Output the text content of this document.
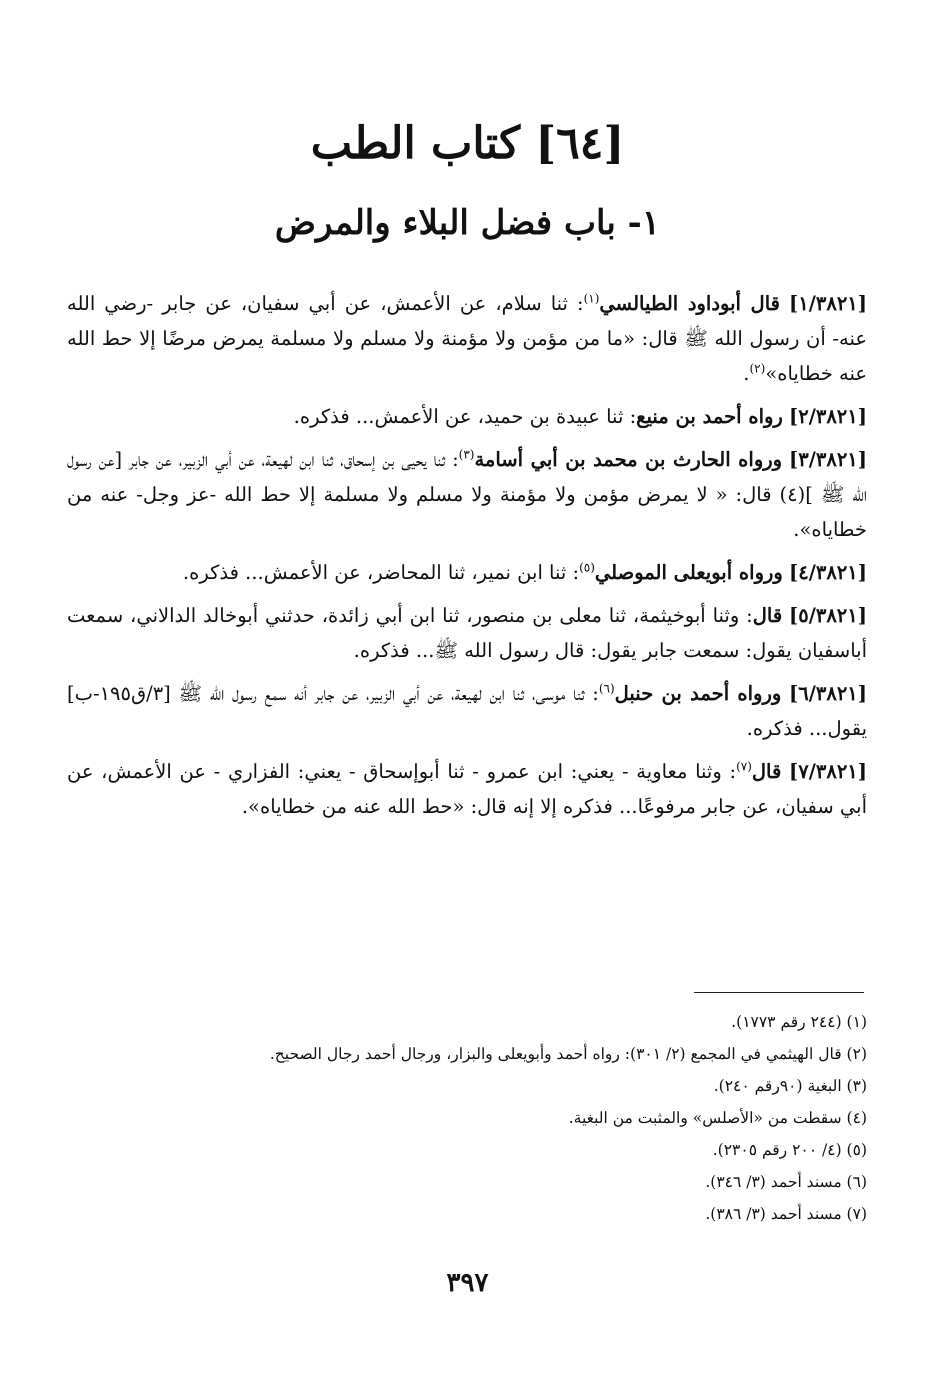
[٦٤] كتاب الطب
١- باب فضل البلاء والمرض

[١/٣٨٢١] قال أبوداود الطيالسي$^{(١)}$: ثنا سلام، عن الأعمش، عن أبي سفيان، عن جابر -رضي الله عنه- أن رسول الله ﷺ قال: «ما من مؤمن ولا مؤمنة ولا مسلم ولا مسلمة يمرض مرضًا إلا حط الله عنه خطاياه»$^{(٢)}$.

[٢/٣٨٢١] رواه أحمد بن منيع: ثنا عبيدة بن حميد، عن الأعمش... فذكره.

[٣/٣٨٢١] ورواه الحارث بن محمد بن أبي أسامة$^{(٣)}$: ثنا يحيى بن إسحاق، ثنا ابن لهيعة، عن أبي الزبير، عن جابر [عن رسول الله ﷺ ](٤) قال: « لا يمرض مؤمن ولا مؤمنة ولا مسلم ولا مسلمة إلا حط الله -عز وجل- عنه من خطاياه».

[٤/٣٨٢١] ورواه أبويعلى الموصلي$^{(٥)}$: ثنا ابن نمير، ثنا المحاضر، عن الأعمش... فذكره.

[٥/٣٨٢١] قال: وثنا أبوخيثمة، ثنا معلى بن منصور، ثنا ابن أبي زائدة، حدثني أبوخالد الدالاني، سمعت أباسفيان يقول: سمعت جابر يقول: قال رسول الله ﷺ... فذكره.

[٦/٣٨٢١] ورواه أحمد بن حنبل$^{(٦)}$: ثنا موسى، ثنا ابن لهيعة، عن أبي الزبير، عن جابر أنه سمع رسول الله ﷺ [٣/ق١٩٥-ب] يقول... فذكره.

[٧/٣٨٢١] قال$^{(٧)}$: وثنا معاوية - يعني: ابن عمرو - ثنا أبوإسحاق - يعني: الفزاري - عن الأعمش، عن أبي سفيان، عن جابر مرفوعًا... فذكره إلا إنه قال: «حط الله عنه من خطاياه».

(١) (٢٤٤ رقم ١٧٧٣).

(٢) قال الهيثمي في المجمع (٢/ ٣٠١): رواه أحمد وأبويعلى والبزار، ورجال أحمد رجال الصحيح.

(٣) البغية (٩٠رقم ٢٤٠).

(٤) سقطت من «الأصلس» والمثبت من البغية.

(٥) (٤/ ٢٠٠ رقم ٢٣٠٥).

(٦) مسند أحمد (٣/ ٣٤٦).

(٧) مسند أحمد (٣/ ٣٨٦).

٣٩٧
